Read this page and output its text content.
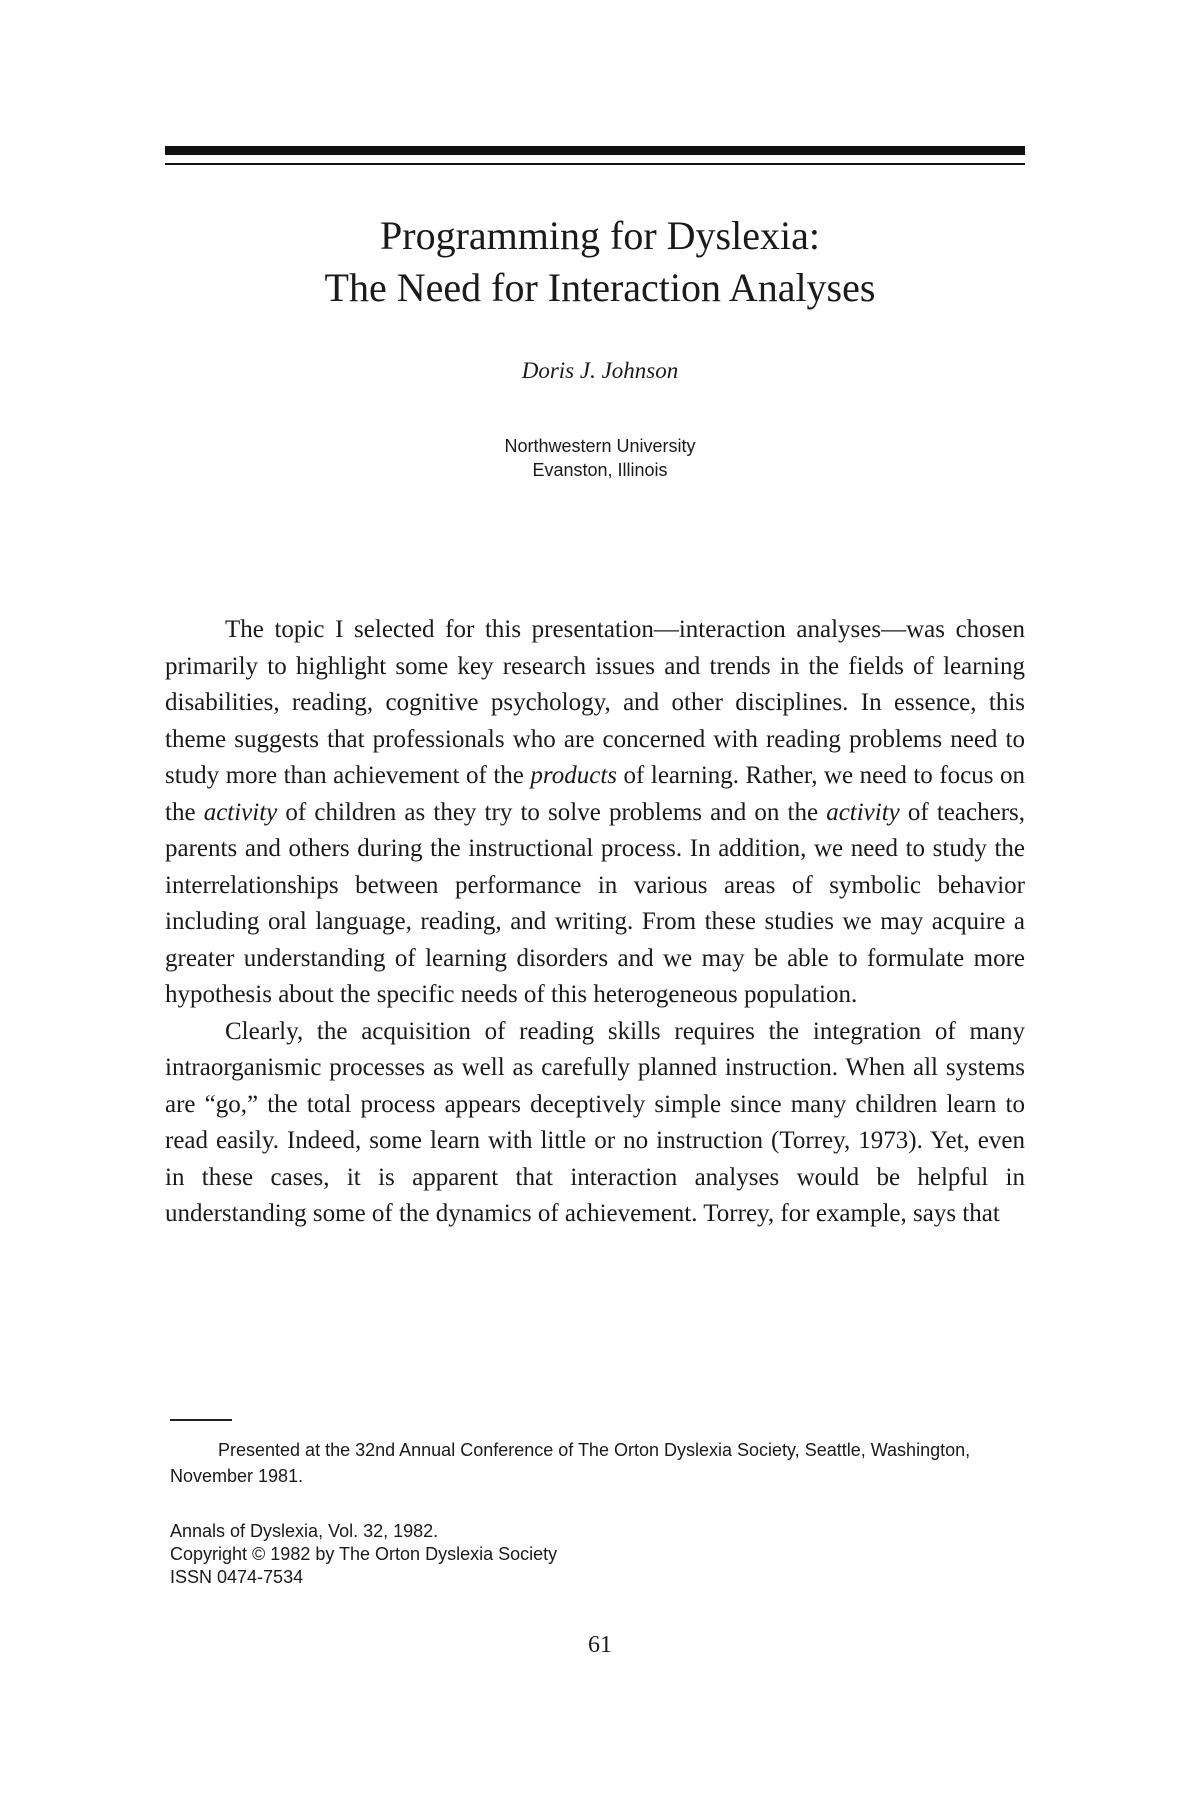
Programming for Dyslexia:
The Need for Interaction Analyses
Doris J. Johnson
Northwestern University
Evanston, Illinois

The topic I selected for this presentation—interaction analyses—was chosen primarily to highlight some key research issues and trends in the fields of learning disabilities, reading, cognitive psychology, and other disciplines. In essence, this theme suggests that professionals who are concerned with reading problems need to study more than achievement of the products of learning. Rather, we need to focus on the activity of children as they try to solve problems and on the activity of teachers, parents and others during the instructional process. In addition, we need to study the interrelationships between performance in various areas of symbolic behavior including oral language, reading, and writing. From these studies we may acquire a greater understanding of learning disorders and we may be able to formulate more hypothesis about the specific needs of this heterogeneous population.

Clearly, the acquisition of reading skills requires the integration of many intraorganismic processes as well as carefully planned instruction. When all systems are “go,” the total process appears deceptively simple since many children learn to read easily. Indeed, some learn with little or no instruction (Torrey, 1973). Yet, even in these cases, it is apparent that interaction analyses would be helpful in understanding some of the dynamics of achievement. Torrey, for example, says that

Presented at the 32nd Annual Conference of The Orton Dyslexia Society, Seattle, Washington, November 1981.

Annals of Dyslexia, Vol. 32, 1982.
Copyright © 1982 by The Orton Dyslexia Society
ISSN 0474-7534
61
